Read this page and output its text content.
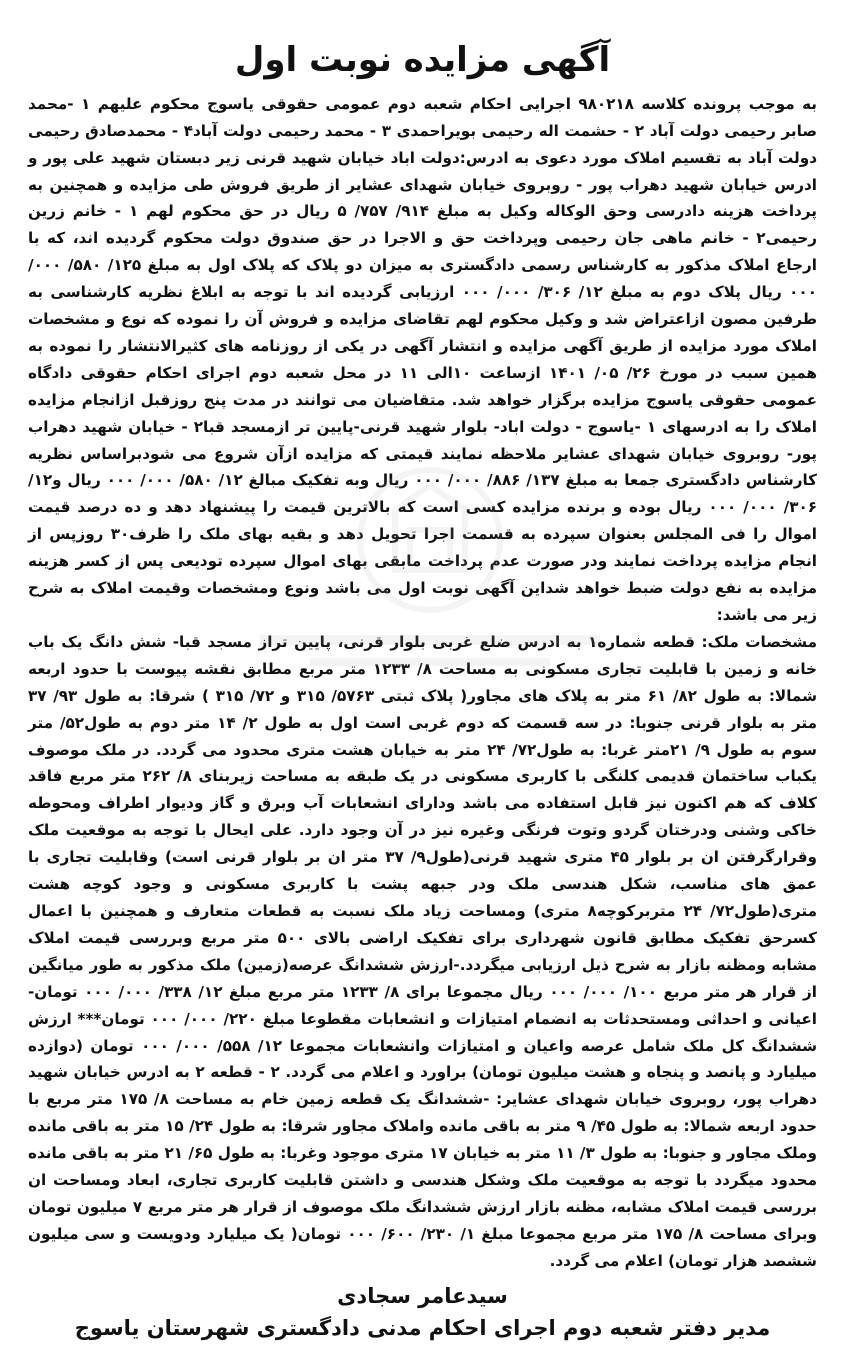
آگهی مزایده نوبت اول
به موجب پرونده کلاسه ۹۸۰۲۱۸ اجرایی احکام شعبه دوم عمومی حقوقی یاسوج محکوم علیهم ۱ -محمد صابر رحیمی دولت آباد ۲ - حشمت اله رحیمی بویراحمدی ۳ - محمد رحیمی دولت آباد۴ - محمدصادق رحیمی دولت آباد به تقسیم املاک مورد دعوی به ادرس:دولت اباد خیابان شهید قرنی زیر دبستان شهید علی پور و ادرس خیابان شهید دهراب پور - روبروی خیابان شهدای عشایر از طریق فروش طی مزایده و همچنین به پرداخت هزینه دادرسی وحق الوکاله وکیل به مبلغ ۹۱۴/ ۷۵۷/ ۵ ریال در حق محکوم لهم ۱ - خانم زرین رحیمی۲ - خانم ماهی جان رحیمی وپرداخت حق و الاجرا در حق صندوق دولت محکوم گردیده اند، که با ارجاع املاک مذکور به کارشناس رسمی دادگستری به میزان دو پلاک که پلاک اول به مبلغ ۱۲۵/ ۵۸۰/ ۰۰۰/ ۰۰۰ ریال پلاک دوم به مبلغ ۱۲/ ۳۰۶/ ۰۰۰/ ۰۰۰ ارزیابی گردیده اند با توجه به ابلاغ نظریه کارشناسی به طرفین مصون ازاعتراض شد و وکیل محکوم لهم تقاضای مزایده و فروش آن را نموده که نوع و مشخصات املاک مورد مزایده از طریق آگهی مزایده و انتشار آگهی در یکی از روزنامه های کثیرالانتشار را نموده به همین سبب در مورخ ۲۶/ ۰۵/ ۱۴۰۱ ازساعت ۱۰الی ۱۱ در محل شعبه دوم اجرای احکام حقوقی دادگاه عمومی حقوقی یاسوج مزایده برگزار خواهد شد. متقاضیان می توانند در مدت پنج روزقبل ازانجام مزایده املاک را به ادرسهای ۱ -یاسوج - دولت اباد- بلوار شهید قرنی-پایین تر ازمسجد قبا۲ - خیابان شهید دهراب پور- روبروی خیابان شهدای عشایر ملاحظه نمایند قیمتی که مزایده ازآن شروع می شودبراساس نظریه کارشناس دادگستری جمعا به مبلغ ۱۳۷/ ۸۸۶/ ۰۰۰/ ۰۰۰ ریال وبه تفکیک مبالغ ۱۲/ ۵۸۰/ ۰۰۰/ ۰۰۰ ریال و۱۲/ ۳۰۶/ ۰۰۰/ ۰۰۰ ریال بوده و برنده مزایده کسی است که بالاترین قیمت را پیشنهاد دهد و ده درصد قیمت اموال را فی المجلس بعنوان سپرده به قسمت اجرا تحویل دهد و بقیه بهای ملک را ظرف۳۰ روزپس از انجام مزایده پرداخت نمایند ودر صورت عدم پرداخت مابقی بهای اموال سپرده تودیعی پس از کسر هزینه مزایده به نفع دولت ضبط خواهد شداین آگهی نوبت اول می باشد ونوع ومشخصات وقیمت املاک به شرح زیر می باشد:
مشخصات ملک: قطعه شماره۱ به ادرس ضلع غربی بلوار قرنی، پایین تراز مسجد قبا- شش دانگ یک باب خانه و زمین با قابلیت تجاری مسکونی به مساحت ۸/ ۱۲۳۳ متر مربع مطابق نقشه پیوست با حدود اربعه شمالا: به طول ۸۲/ ۶۱ متر به پلاک های مجاور( پلاک ثبتی ۵۷۶۳/ ۳۱۵ و ۷۲/ ۳۱۵ ) شرقا: به طول ۹۳/ ۳۷ متر به بلوار قرنی جنوبا: در سه قسمت که دوم غربی است اول به طول ۲/ ۱۴ متر دوم به طول۵۲/ متر سوم به طول ۹/ ۲۱متر غربا: به طول۷۲/ ۲۴ متر به خیابان هشت متری محدود می گردد. در ملک موصوف یکباب ساختمان قدیمی کلنگی با کاربری مسکونی در یک طبقه به مساحت زیربنای ۸/ ۲۶۲ متر مربع فاقد کلاف که هم اکنون نیز قابل استفاده می باشد ودارای انشعابات آب وبرق و گاز ودیوار اطراف ومحوطه خاکی وشنی ودرختان گردو وتوت فرنگی وغیره نیز در آن وجود دارد. علی ایحال با توجه به موقعیت ملک وقرارگرفتن ان بر بلوار ۴۵ متری شهید قرنی(طول۹/ ۳۷ متر ان بر بلوار قرنی است) وقابلیت تجاری با عمق های مناسب، شکل هندسی ملک ودر جبهه پشت با کاربری مسکونی و وجود کوچه هشت متری(طول۷۲/ ۲۴ متربرکوچه۸ متری) ومساحت زیاد ملک نسبت به قطعات متعارف و همچنین با اعمال کسرحق تفکیک مطابق قانون شهرداری برای تفکیک اراضی بالای ۵۰۰ متر مربع وبررسی قیمت املاک مشابه ومظنه بازار به شرح ذیل ارزیابی میگردد.-ارزش ششدانگ عرصه(زمین) ملک مذکور به طور میانگین از قرار هر متر مربع ۱۰۰/ ۰۰۰/ ۰۰۰ ریال مجموعا برای ۸/ ۱۲۳۳ متر مربع مبلغ ۱۲/ ۳۳۸/ ۰۰۰/ ۰۰۰ تومان- اعیانی و احداثی ومستحدثات به انضمام امتیازات و انشعابات مقطوعا مبلغ ۲۲۰/ ۰۰۰/ ۰۰۰ تومان*** ارزش ششدانگ کل ملک شامل عرصه واعیان و امتیازات وانشعابات مجموعا ۱۲/ ۵۵۸/ ۰۰۰/ ۰۰۰ تومان (دوازده میلیارد و پانصد و پنجاه و هشت میلیون تومان) براورد و اعلام می گردد. ۲ - قطعه ۲ به ادرس خیابان شهید دهراب پور، روبروی خیابان شهدای عشایر: -ششدانگ یک قطعه زمین خام به مساحت ۸/ ۱۷۵ متر مربع با حدود اربعه شمالا: به طول ۴۵/ ۹ متر به باقی مانده واملاک مجاور شرقا: به طول ۲۴/ ۱۵ متر به باقی مانده وملک مجاور و جنوبا: به طول ۳/ ۱۱ متر به خیابان ۱۷ متری موجود وغربا: به طول ۶۵/ ۲۱ متر به باقی مانده محدود میگردد با توجه به موقعیت ملک وشکل هندسی و داشتن قابلیت کاربری تجاری، ابعاد ومساحت ان بررسی قیمت املاک مشابه، مظنه بازار ارزش ششدانگ ملک موصوف از قرار هر متر مربع ۷ میلیون تومان وبرای مساحت ۸/ ۱۷۵ متر مربع مجموعا مبلغ ۱/ ۲۳۰/ ۶۰۰/ ۰۰۰ تومان( یک میلیارد ودویست و سی میلیون ششصد هزار تومان) اعلام می گردد.
سیدعامر سجادی
مدیر دفتر شعبه دوم اجرای احکام مدنی دادگستری شهرستان یاسوج
